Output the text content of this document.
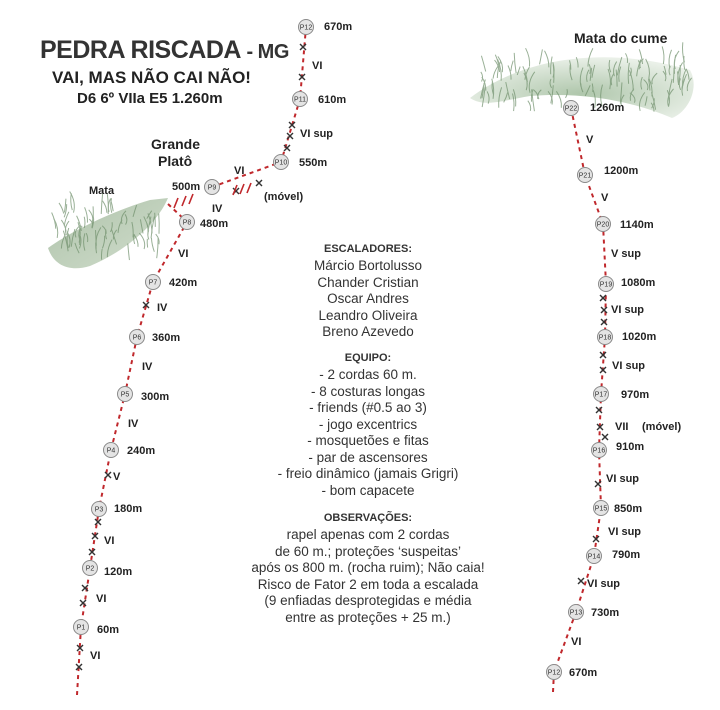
P1
P2
P3
P4
P5
P6
P7
P8
P9
P10
P11
P12
P12
P13
P14
P15
P16
P17
P18
P19
P20
P21
P22
60m
120m
180m
240m
300m
360m
420m
480m
500m
550m
610m
670m
670m
730m
790m
850m
910m
970m
1020m
1080m
1140m
1200m
1260m
VI
VI
VI
V
IV
IV
IV
VI
IV
VI
VI sup
VI
VI
VI sup
VI sup
VI sup
VII
VI sup
VI sup
V sup
V
V
(móvel)
(móvel)
Mata
Grande
Platô
Mata do cume
PEDRA RISCADA - MG

VAI, MAS NÃO CAI NÃO!

D6 6º VIIa E5 1.260m

ESCALADORES:
Márcio Bortolusso
Chander Cristian
Oscar Andres
Leandro Oliveira
Breno Azevedo
EQUIPO:
- 2 cordas 60 m.
- 8 costuras longas
- friends (#0.5 ao 3)
- jogo excentrics
- mosquetões e fitas
- par de ascensores
- freio dinâmico (jamais Grigri)
- bom capacete
OBSERVAÇÕES:
rapel apenas com 2 cordas
de 60 m.; proteções ‘suspeitas’
após os 800 m. (rocha ruim); Não caia!
Risco de Fator 2 em toda a escalada
(9 enfiadas desprotegidas e média
entre as proteções + 25 m.)
